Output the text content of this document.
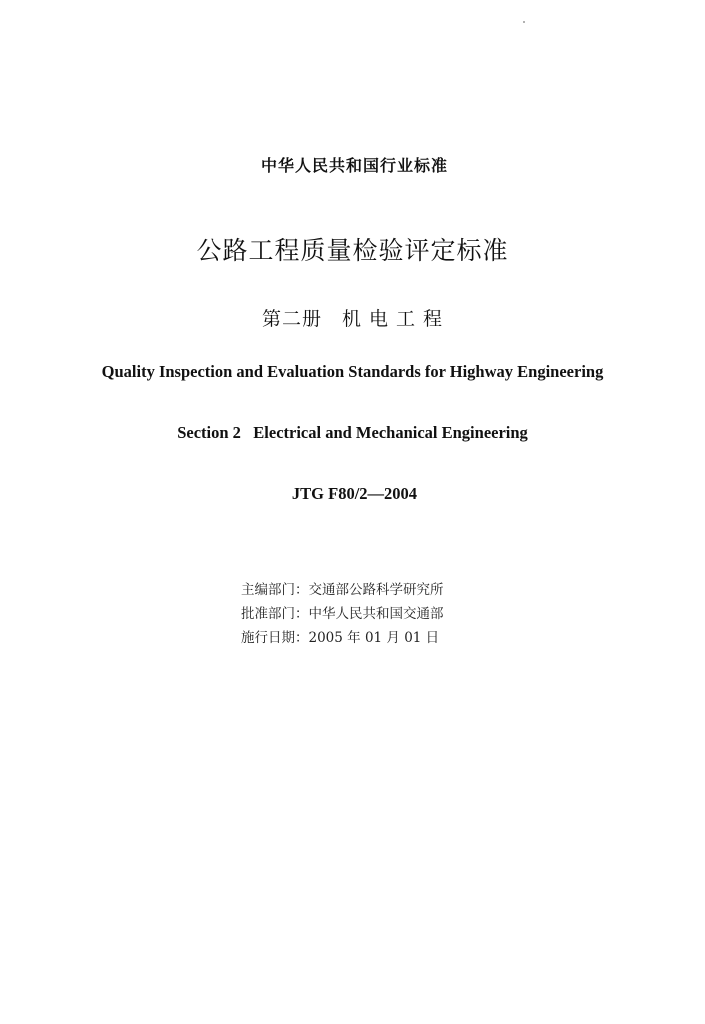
中华人民共和国行业标准
公路工程质量检验评定标准
第二册　机 电 工 程
Quality Inspection and Evaluation Standards for Highway Engineering
Section 2   Electrical and Mechanical Engineering
JTG F80/2—2004
主编部门：交通部公路科学研究所
批准部门：中华人民共和国交通部
施行日期：2005 年 01 月 01 日
